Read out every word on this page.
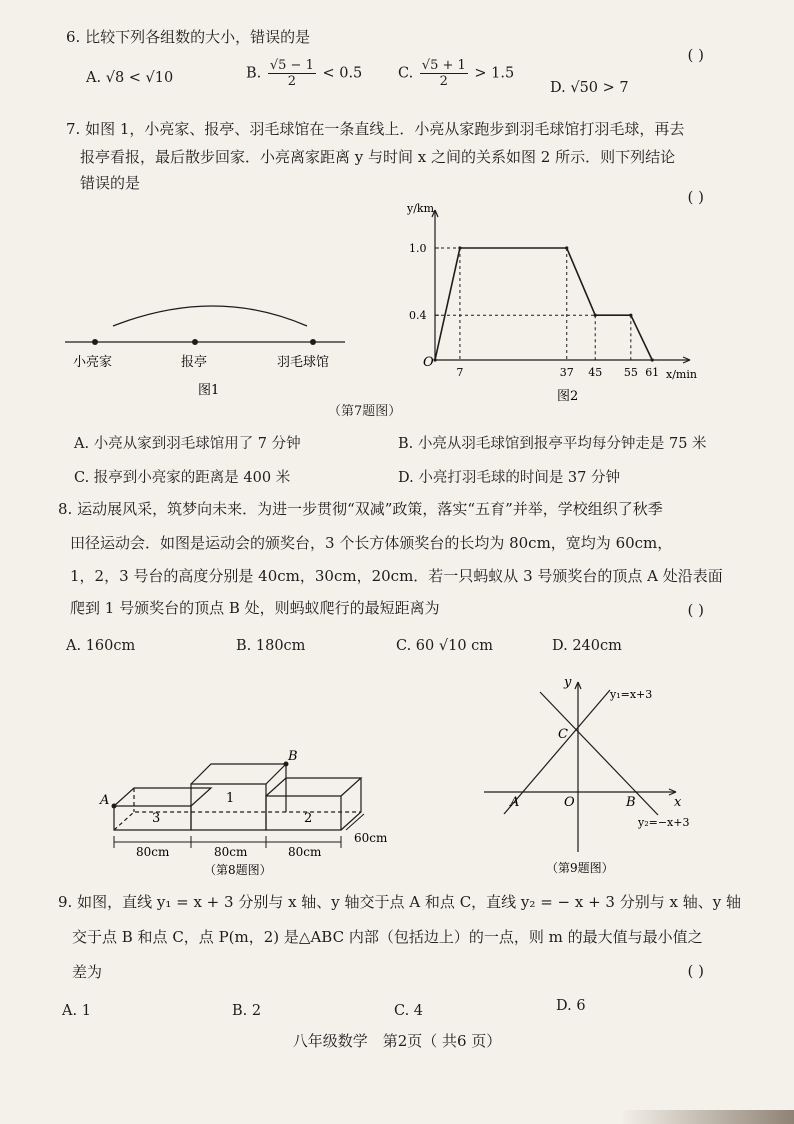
6. 比较下列各组数的大小，错误的是
( )
A. √8 < √10	B. $\frac{√5 - 1}{2} < 0.5$ C. $\frac{√5 + 1}{2} > 1.5$
D. √50 > 7
7. 如图 1，小亮家、报亭、羽毛球馆在一条直线上．小亮从家跑步到羽毛球馆打羽毛球，再去
报亭看报，最后散步回家．小亮离家距离 y 与时间 x 之间的关系如图 2 所示．则下列结论
错误的是
( )
小亮家	报亭	羽毛球馆
图1
y/km
x/min
O
1.0
0.4
7	37 45 55 61
图2
（第7题图）
A. 小亮从家到羽毛球馆用了 7 分钟	B. 小亮从羽毛球馆到报亭平均每分钟走是 75 米
C. 报亭到小亮家的距离是 400 米	D. 小亮打羽毛球的时间是 37 分钟
8. 运动展风采，筑梦向未来．为进一步贯彻“双减”政策，落实“五育”并举，学校组织了秋季
田径运动会．如图是运动会的颁奖台，3 个长方体颁奖台的长均为 80cm，宽均为 60cm，
1，2，3 号台的高度分别是 40cm，30cm，20cm．若一只蚂蚁从 3 号颁奖台的顶点 A 处沿表面
爬到 1 号颁奖台的顶点 B 处，则蚂蚁爬行的最短距离为	( )
A. 160cm	B. 180cm	C. 60 √10 cm	D. 240cm
A
B
1
2
3
80cm	80cm	80cm
60cm
（第8题图）
y
x
O
A	B
C
y₁=x+3
y₂=−x+3
（第9题图）
9. 如图，直线 y₁ = x + 3 分别与 x 轴、y 轴交于点 A 和点 C，直线 y₂ = − x + 3 分别与 x 轴、y 轴
交于点 B 和点 C，点 P(m，2) 是△ABC 内部（包括边上）的一点，则 m 的最大值与最小值之
差为	( )
A. 1	B. 2	C. 4	D. 6
八年级数学　第2页（ 共6 页）
